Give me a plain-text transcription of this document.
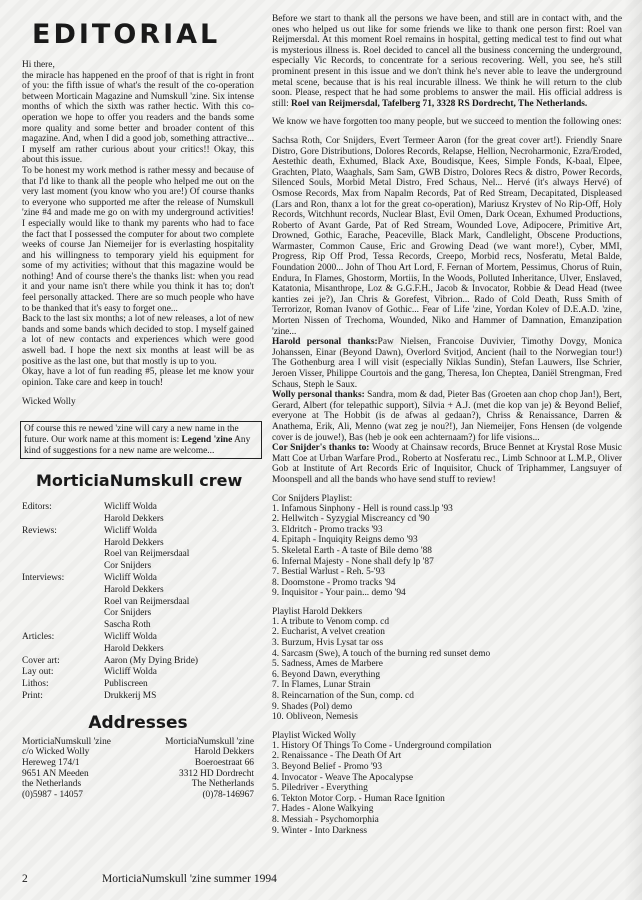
EDITORIAL

Hi there,

the miracle has happened en the proof of that is right in front of you: the fifth issue of what's the result of the co-operation between Morticain Magazine and Numskull 'zine. Six intense months of which the sixth was rather hectic. With this co-operation we hope to offer you readers and the bands some more quality and some better and broader content of this magazine. And, when I did a good job, something attractive... I myself am rather curious about your critics!! Okay, this about this issue.

To be honest my work method is rather messy and because of that I'd like to thank all the people who helped me out on the very last moment (you know who you are!) Of course thanks to everyone who supported me after the release of Numskull 'zine #4 and made me go on with my underground activities! I especially would like to thank my parents who had to face the fact that I possessed the computer for about two complete weeks of course Jan Niemeijer for is everlasting hospitality and his willingness to temporary yield his equipment for some of my activities; without that this magazine would be nothing! And of course there's the thanks list: when you read it and your name isn't there while you think it has to; don't feel personally attacked. There are so much people who have to be thanked that it's easy to forget one...

Back to the last six months; a lot of new releases, a lot of new bands and some bands which decided to stop. I myself gained a lot of new contacts and experiences which were good aswell bad. I hope the next six months at least will be as positive as the last one, but that mostly is up to you.

Okay, have a lot of fun reading #5, please let me know your opinion. Take care and keep in touch!

Wicked Wolly

Of course this re newed 'zine will cary a new name in the future. Our work name at this moment is: Legend 'zine Any kind of suggestions for a new name are welcome...
MorticiaNumskull crew
Editors:	Wicliff Wolda
Harold Dekkers
Reviews:	Wicliff Wolda
Harold Dekkers
Roel van Reijmersdaal
Cor Snijders
Interviews:	Wicliff Wolda
Harold Dekkers
Roel van Reijmersdaal
Cor Snijders
Sascha Roth
Articles:	Wicliff Wolda
Harold Dekkers
Cover art:	Aaron (My Dying Bride)
Lay out:	Wicliff Wolda
Lithos:	Publiscreen
Print:	Drukkerij MS
Addresses
MorticiaNumskull 'zine
c/o Wicked Wolly
Hereweg 174/1
9651 AN Meeden
the Netherlands
(0)5987 - 14057
MorticiaNumskull 'zine
Harold Dekkers
Boeroestraat 66
3312 HD Dordrecht
The Netherlands
(0)78-146967

Before we start to thank all the persons we have been, and still are in contact with, and the ones who helped us out like for some friends we like to thank one person first: Roel van Reijmersdal. At this moment Roel remains in hospital, getting medical test to find out what is mysterious illness is. Roel decided to cancel all the business concerning the underground, especially Vic Records, to concentrate for a serious recovering. Well, you see, he's still prominent present in this issue and we don't think he's never able to leave the underground metal scene, because that is his real incurable illness. We think he will return to the club soon. Please, respect that he had some problems to answer the mail. His official address is still: Roel van Reijmersdal, Tafelberg 71, 3328 RS Dordrecht, The Netherlands.

We know we have forgotten too many people, but we succeed to mention the following ones:

Sachsa Roth, Cor Snijders, Evert Termeer Aaron (for the great cover art!). Friendly Snare Distro, Gore Distributions, Dolores Records, Relapse, Hellion, Necroharmonic, Ezra/Eroded, Aestethic death, Exhumed, Black Axe, Boudisque, Kees, Simple Fonds, K-baal, Elpee, Grachten, Plato, Waaghals, Sam Sam, GWB Distro, Dolores Recs & distro, Power Records, Silenced Souls, Morbid Metal Distro, Fred Schaus, Nel... Hervé (it's always Hervé) of Osmose Records, Max from Napalm Records, Pat of Red Stream, Decapitated, Displeased (Lars and Ron, thanx a lot for the great co-operation), Mariusz Krystev of No Rip-Off, Holy Records, Witchhunt records, Nuclear Blast, Evil Omen, Dark Ocean, Exhumed Productions, Roberto of Avant Garde, Pat of Red Stream, Wounded Love, Adipocere, Primitive Art, Drowned, Gothic, Earache, Peaceville, Black Mark, Candlelight, Obscene Productions, Warmaster, Common Cause, Eric and Growing Dead (we want more!), Cyber, MMI, Progress, Rip Off Prod, Tessa Records, Creepo, Morbid recs, Nosferatu, Metal Balde, Foundation 2000... John of Thou Art Lord, F. Fernan of Mortem, Pessimus, Chorus of Ruin, Endura, In Flames, Ghostorm, Mortiis, In the Woods, Polluted Inheritance, Ulver, Enslaved, Katatonia, Misanthrope, Loz & G.G.F.H., Jacob & Invocator, Robbie & Dead Head (twee kanties zei je?), Jan Chris & Gorefest, Vibrion... Rado of Cold Death, Russ Smith of Terrorizor, Roman Ivanov of Gothic... Fear of Life 'zine, Yordan Kolev of D.E.A.D. 'zine, Morten Nissen of Trechoma, Wounded, Niko and Hammer of Damnation, Emanzipation 'zine...

Harold personal thanks:Paw Nielsen, Francoise Duvivier, Timothy Dovgy, Monica Johanssen, Einar (Beyond Dawn), Overlord Svitjod, Ancient (hail to the Norwegian tour!) The Gothenburg area I will visit (especially Niklas Sundin), Stefan Lauwers, Ilse Schrier, Jeroen Visser, Philippe Courtois and the gang, Theresa, Ion Cheptea, Daniël Strengman, Fred Schaus, Steph le Saux.

Wolly personal thanks: Sandra, mom & dad, Pieter Bas (Groeten aan chop chop Jan!), Bert, Gerard, Albert (for telepathic support), Silvia + A.J. (met die kop van je) & Beyond Belief, everyone at The Hobbit (is de afwas al gedaan?), Chriss & Renaissance, Darren & Anathema, Erik, Ali, Menno (wat zeg je nou?!), Jan Niemeijer, Fons Hensen (de volgende cover is de jouwe!), Bas (heb je ook een achternaam?) for life visions...

Cor Snijder's thanks to: Woody at Chainsaw records, Bruce Bennet at Krystal Rose Music Matt Coe at Urban Warfare Prod., Roberto at Nosferatu rec., Limb Schnoor at L.M.P., Oliver Gob at Institute of Art Records Eric of Inquisitor, Chuck of Triphammer, Langsuyer of Moonspell and all the bands who have send stuff to review!

Cor Snijders Playlist:
1. Infamous Sinphony - Hell is round cass.lp '93
2. Hellwitch - Syzygial Miscreancy cd '90
3. Eldritch - Promo tracks '93
4. Epitaph - Inquiqity Reigns demo '93
5. Skeletal Earth - A taste of Bile demo '88
6. Infernal Majesty - None shall defy lp '87
7. Bestial Warlust - Reh. 5-'93
8. Doomstone - Promo tracks '94
9. Inquisitor - Your pain... demo '94
Playlist Harold Dekkers
1. A tribute to Venom comp. cd
2. Eucharist, A velvet creation
3. Burzum, Hvis Lysat tar oss
4. Sarcasm (Swe), A touch of the burning red sunset demo
5. Sadness, Ames de Marbere
6. Beyond Dawn, everything
7. In Flames, Lunar Strain
8. Reincarnation of the Sun, comp. cd
9. Shades (Pol) demo
10. Obliveon, Nemesis
Playlist Wicked Wolly
1. History Of Things To Come - Underground compilation
2. Renaissance - The Death Of Art
3. Beyond Belief - Promo '93
4. Invocator - Weave The Apocalypse
5. Piledriver - Everything
6. Tekton Motor Corp. - Human Race Ignition
7. Hades - Alone Walkying
8. Messiah - Psychomorphia
9. Winter - Into Darkness
2	MorticiaNumskull 'zine summer 1994
